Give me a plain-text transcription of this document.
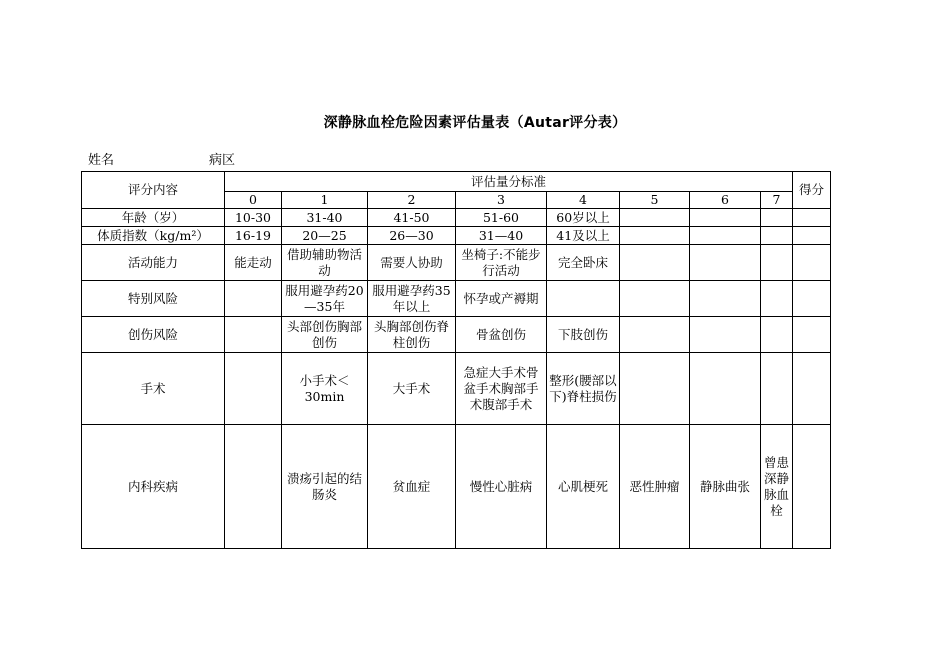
深静脉血栓危险因素评估量表（Autar评分表）
姓名	病区
评分内容	评估量分标准								得分

	0	1	2	3	4	5	6	7	
年龄（岁）	10-30	31-40	41-50	51-60	60岁以上				
体质指数（kg/m²）	16-19	20—25	26—30	31—40	41及以上				
活动能力	能走动	借助辅助物活动	需要人协助	坐椅子:不能步行活动	完全卧床				
特别风险		服用避孕药20—35年	服用避孕药35年以上	怀孕或产褥期					
创伤风险		头部创伤胸部创伤	头胸部创伤脊柱创伤	骨盆创伤	下肢创伤				
手术		小手术＜30min	大手术	急症大手术骨盆手术胸部手术腹部手术	整形(腰部以下)脊柱损伤				
内科疾病		溃疡引起的结肠炎	贫血症	慢性心脏病	心肌梗死	恶性肿瘤	静脉曲张	曾患深静脉血栓	
